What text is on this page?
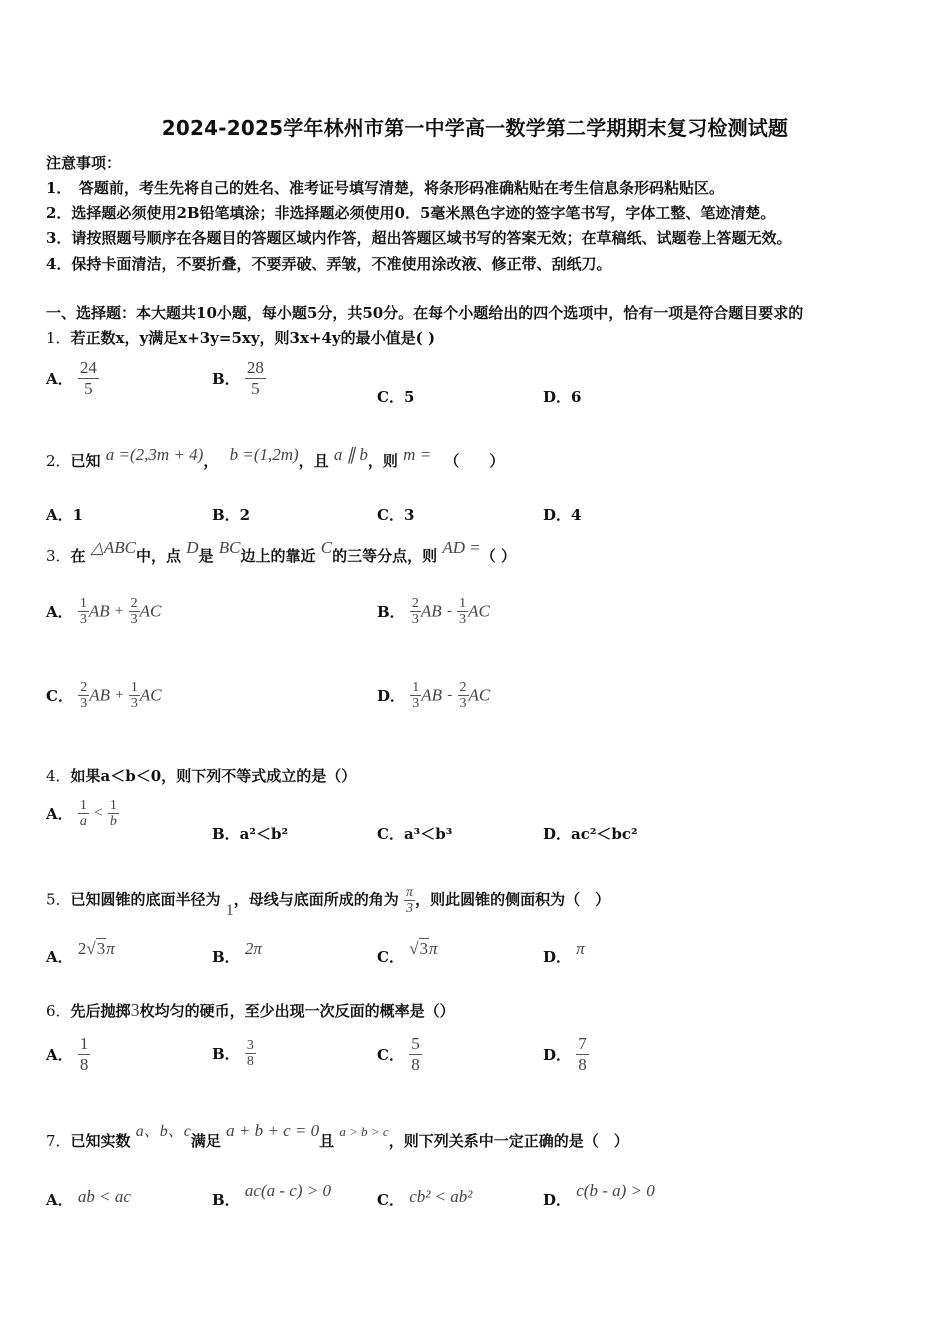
2024-2025学年林州市第一中学高一数学第二学期期末复习检测试题
注意事项：
1．　答题前，考生先将自己的姓名、准考证号填写清楚，将条形码准确粘贴在考生信息条形码粘贴区。
2．选择题必须使用2B铅笔填涂；非选择题必须使用0．5毫米黑色字迹的签字笔书写，字体工整、笔迹清楚。
3．请按照题号顺序在各题目的答题区域内作答，超出答题区域书写的答案无效；在草稿纸、试题卷上答题无效。
4．保持卡面清洁，不要折叠，不要弄破、弄皱，不准使用涂改液、修正带、刮纸刀。
一、选择题：本大题共10小题，每小题5分，共50分。在每个小题给出的四个选项中，恰有一项是符合题目要求的
1．若正数x，y满足x+3y=5xy，则3x+4y的最小值是( )
A． $\frac{24}{5}$	B． $\frac{28}{5}$	C．5	D．6
2．已知 a =(2,3m + 4)， b =(1,2m)，且 a ∥ b，则 m = （　　）
A．1	B．2	C．3	D．4
3．在 △ABC中，点 D是 BC边上的靠近 C的三等分点，则 AD =（ ）
A． $\frac{1}{3}$ AB + $\frac{2}{3}$ AC	B． $\frac{2}{3}$ AB - $\frac{1}{3}$ AC
C． $\frac{2}{3}$ AB + $\frac{1}{3}$ AC	D． $\frac{1}{3}$ AB - $\frac{2}{3}$ AC
4．如果a＜b＜0，则下列不等式成立的是（）
A． $\frac{1}{a} < \frac{1}{b}$
B．a²＜b²	C．a³＜b³	D．ac²＜bc²
5．已知圆锥的底面半径为 1，母线与底面所成的角为 $\frac{\pi}{3}$ ，则此圆锥的侧面积为（　）
A． 2√3π	B． 2π	C． √3π	D． π
6．先后抛掷3枚均匀的硬币，至少出现一次反面的概率是（）
A． $\frac{1}{8}$	B． $\frac{3}{8}$	C． $\frac{5}{8}$	D． $\frac{7}{8}$
7．已知实数 a、b、c满足 a + b + c = 0且 a > b > c，则下列关系中一定正确的是（　）
A． ab < ac	B． ac(a - c) > 0	C． cb² < ab²	D． c(b - a) > 0
